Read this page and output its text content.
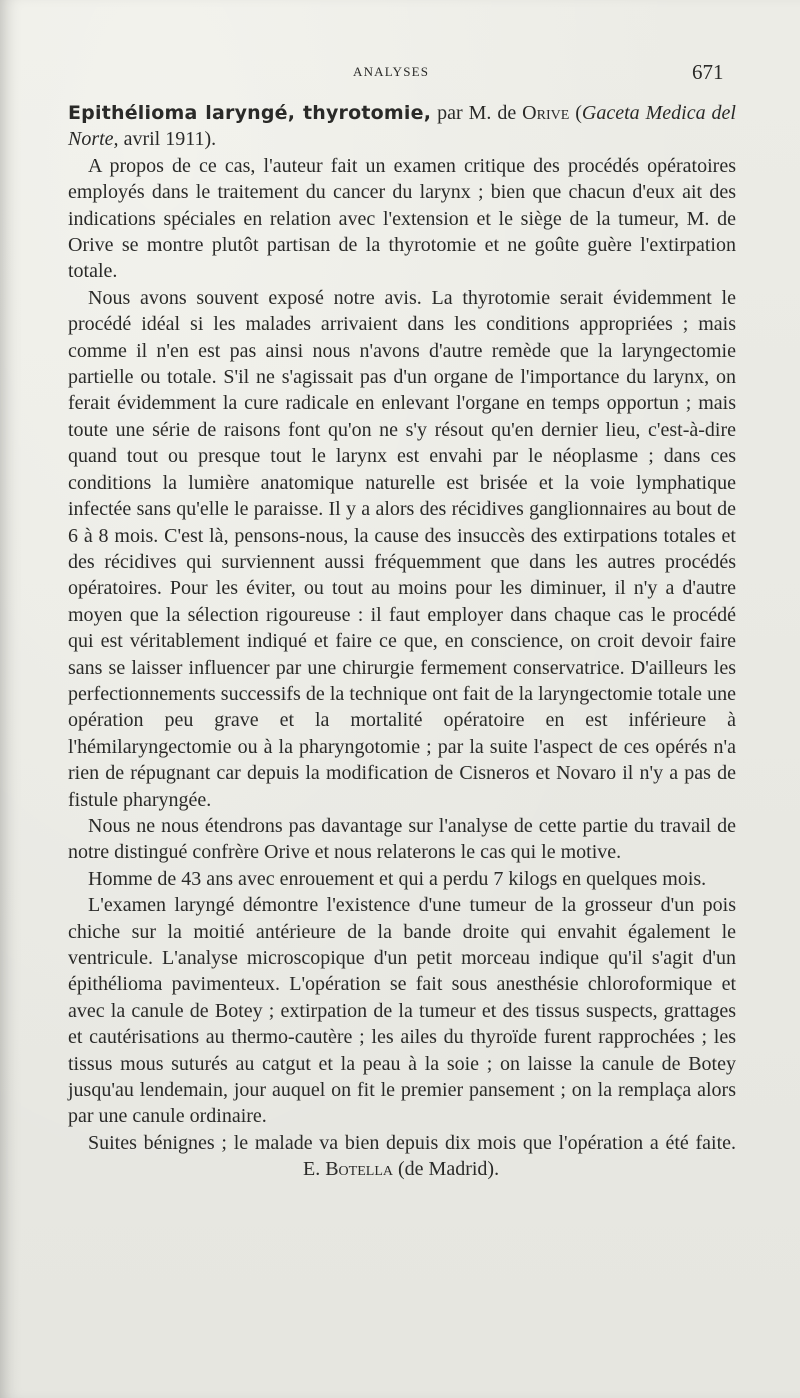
ANALYSES	671

Epithélioma laryngé, thyrotomie, par M. de Orive (Gaceta Medica del Norte, avril 1911).

A propos de ce cas, l'auteur fait un examen critique des procédés opératoires employés dans le traitement du cancer du larynx ; bien que chacun d'eux ait des indications spéciales en relation avec l'extension et le siège de la tumeur, M. de Orive se montre plutôt partisan de la thyrotomie et ne goûte guère l'extirpation totale.

Nous avons souvent exposé notre avis. La thyrotomie serait évidemment le procédé idéal si les malades arrivaient dans les conditions appropriées ; mais comme il n'en est pas ainsi nous n'avons d'autre remède que la laryngectomie partielle ou totale. S'il ne s'agissait pas d'un organe de l'importance du larynx, on ferait évidemment la cure radicale en enlevant l'organe en temps opportun ; mais toute une série de raisons font qu'on ne s'y résout qu'en dernier lieu, c'est-à-dire quand tout ou presque tout le larynx est envahi par le néoplasme ; dans ces conditions la lumière anatomique naturelle est brisée et la voie lymphatique infectée sans qu'elle le paraisse. Il y a alors des récidives ganglionnaires au bout de 6 à 8 mois. C'est là, pensons-nous, la cause des insuccès des extirpations totales et des récidives qui surviennent aussi fréquemment que dans les autres procédés opératoires. Pour les éviter, ou tout au moins pour les diminuer, il n'y a d'autre moyen que la sélection rigoureuse : il faut employer dans chaque cas le procédé qui est véritablement indiqué et faire ce que, en conscience, on croit devoir faire sans se laisser influencer par une chirurgie fermement conservatrice. D'ailleurs les perfectionnements successifs de la technique ont fait de la laryngectomie totale une opération peu grave et la mortalité opératoire en est inférieure à l'hémilaryngectomie ou à la pharyngotomie ; par la suite l'aspect de ces opérés n'a rien de répugnant car depuis la modification de Cisneros et Novaro il n'y a pas de fistule pharyngée.

Nous ne nous étendrons pas davantage sur l'analyse de cette partie du travail de notre distingué confrère Orive et nous relaterons le cas qui le motive.

Homme de 43 ans avec enrouement et qui a perdu 7 kilogs en quelques mois.

L'examen laryngé démontre l'existence d'une tumeur de la grosseur d'un pois chiche sur la moitié antérieure de la bande droite qui envahit également le ventricule. L'analyse microscopique d'un petit morceau indique qu'il s'agit d'un épithélioma pavimenteux. L'opération se fait sous anesthésie chloroformique et avec la canule de Botey ; extirpation de la tumeur et des tissus suspects, grattages et cautérisations au thermo-cautère ; les ailes du thyroïde furent rapprochées ; les tissus mous suturés au catgut et la peau à la soie ; on laisse la canule de Botey jusqu'au lendemain, jour auquel on fit le premier pansement ; on la remplaça alors par une canule ordinaire.

Suites bénignes ; le malade va bien depuis dix mois que l'opération a été faite.E. Botella (de Madrid).
